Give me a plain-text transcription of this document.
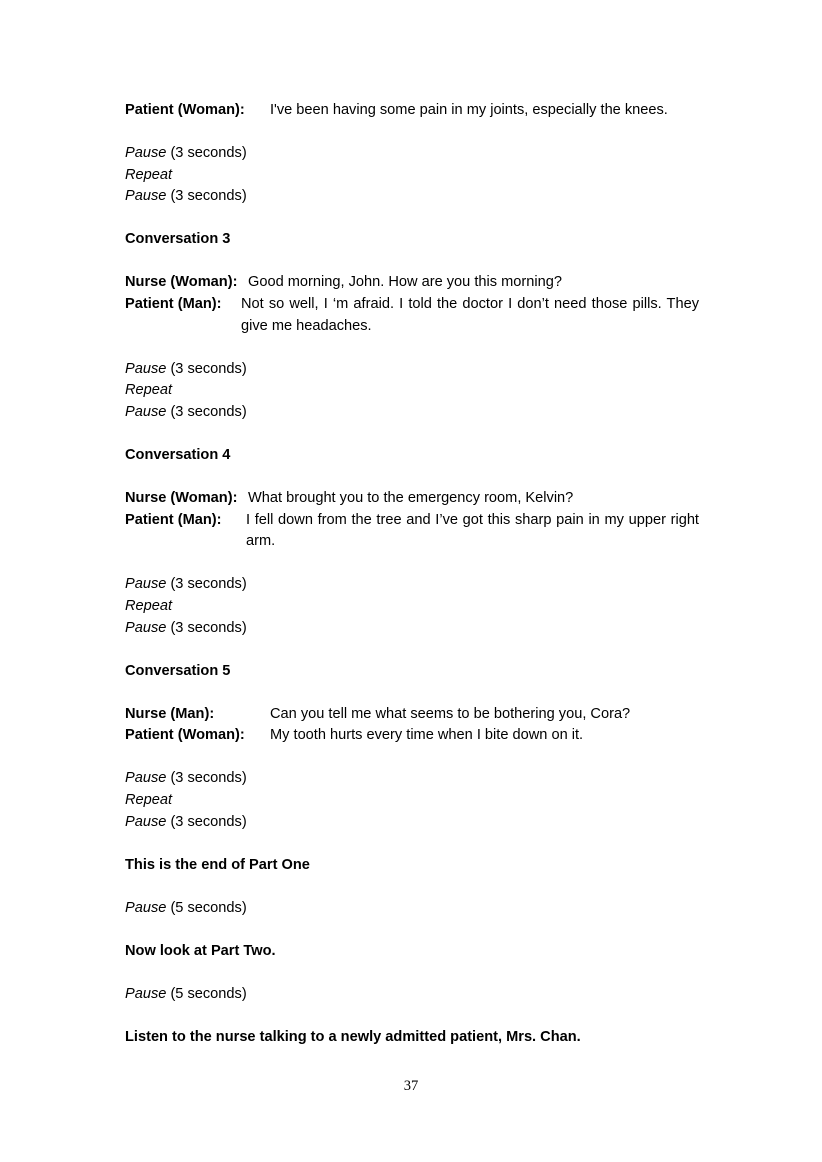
Patient (Woman):	I've been having some pain in my joints, especially the knees.
Pause (3 seconds)
Repeat
Pause (3 seconds)
Conversation 3
Nurse (Woman): Good morning, John. How are you this morning?
Patient (Man):	Not so well, I ‘m afraid. I told the doctor I don’t need those pills. They give me headaches.
Pause (3 seconds)
Repeat
Pause (3 seconds)
Conversation 4
Nurse (Woman): What brought you to the emergency room, Kelvin?
Patient (Man):	I fell down from the tree and I’ve got this sharp pain in my upper right arm.
Pause (3 seconds)
Repeat
Pause (3 seconds)
Conversation 5
Nurse (Man):	Can you tell me what seems to be bothering you, Cora?
Patient (Woman):	My tooth hurts every time when I bite down on it.
Pause (3 seconds)
Repeat
Pause (3 seconds)
This is the end of Part One
Pause (5 seconds)
Now look at Part Two.
Pause (5 seconds)
Listen to the nurse talking to a newly admitted patient, Mrs. Chan.
37
